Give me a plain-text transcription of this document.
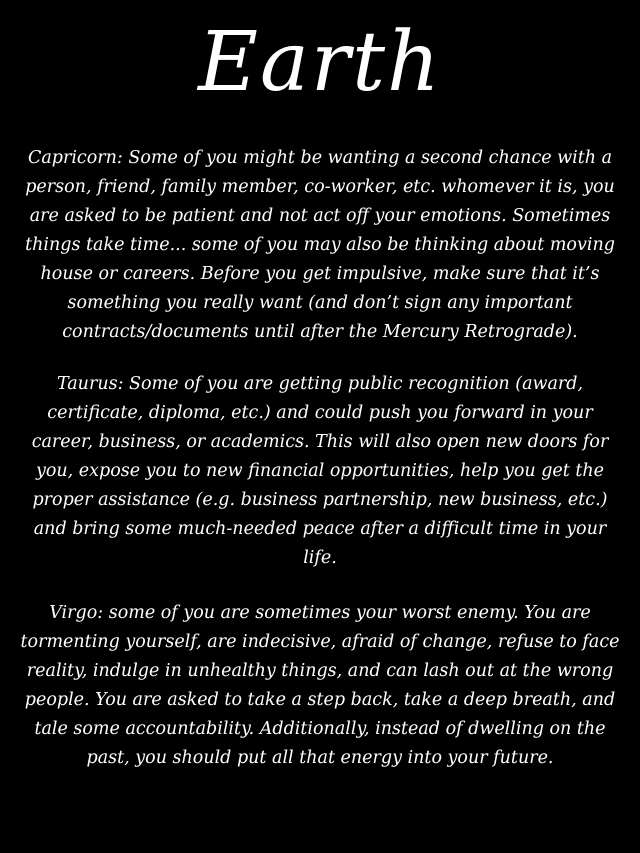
Earth
Capricorn: Some of you might be wanting a second chance with a person, friend, family member, co-worker, etc. whomever it is, you are asked to be patient and not act off your emotions. Sometimes things take time... some of you may also be thinking about moving house or careers. Before you get impulsive, make sure that it’s something you really want (and don’t sign any important contracts/documents until after the Mercury Retrograde).
Taurus: Some of you are getting public recognition (award, certificate, diploma, etc.) and could push you forward in your career, business, or academics. This will also open new doors for you, expose you to new financial opportunities, help you get the proper assistance (e.g. business partnership, new business, etc.) and bring some much-needed peace after a difficult time in your life.
Virgo: some of you are sometimes your worst enemy. You are tormenting yourself, are indecisive, afraid of change, refuse to face reality, indulge in unhealthy things, and can lash out at the wrong people. You are asked to take a step back, take a deep breath, and tale some accountability. Additionally, instead of dwelling on the past, you should put all that energy into your future.
